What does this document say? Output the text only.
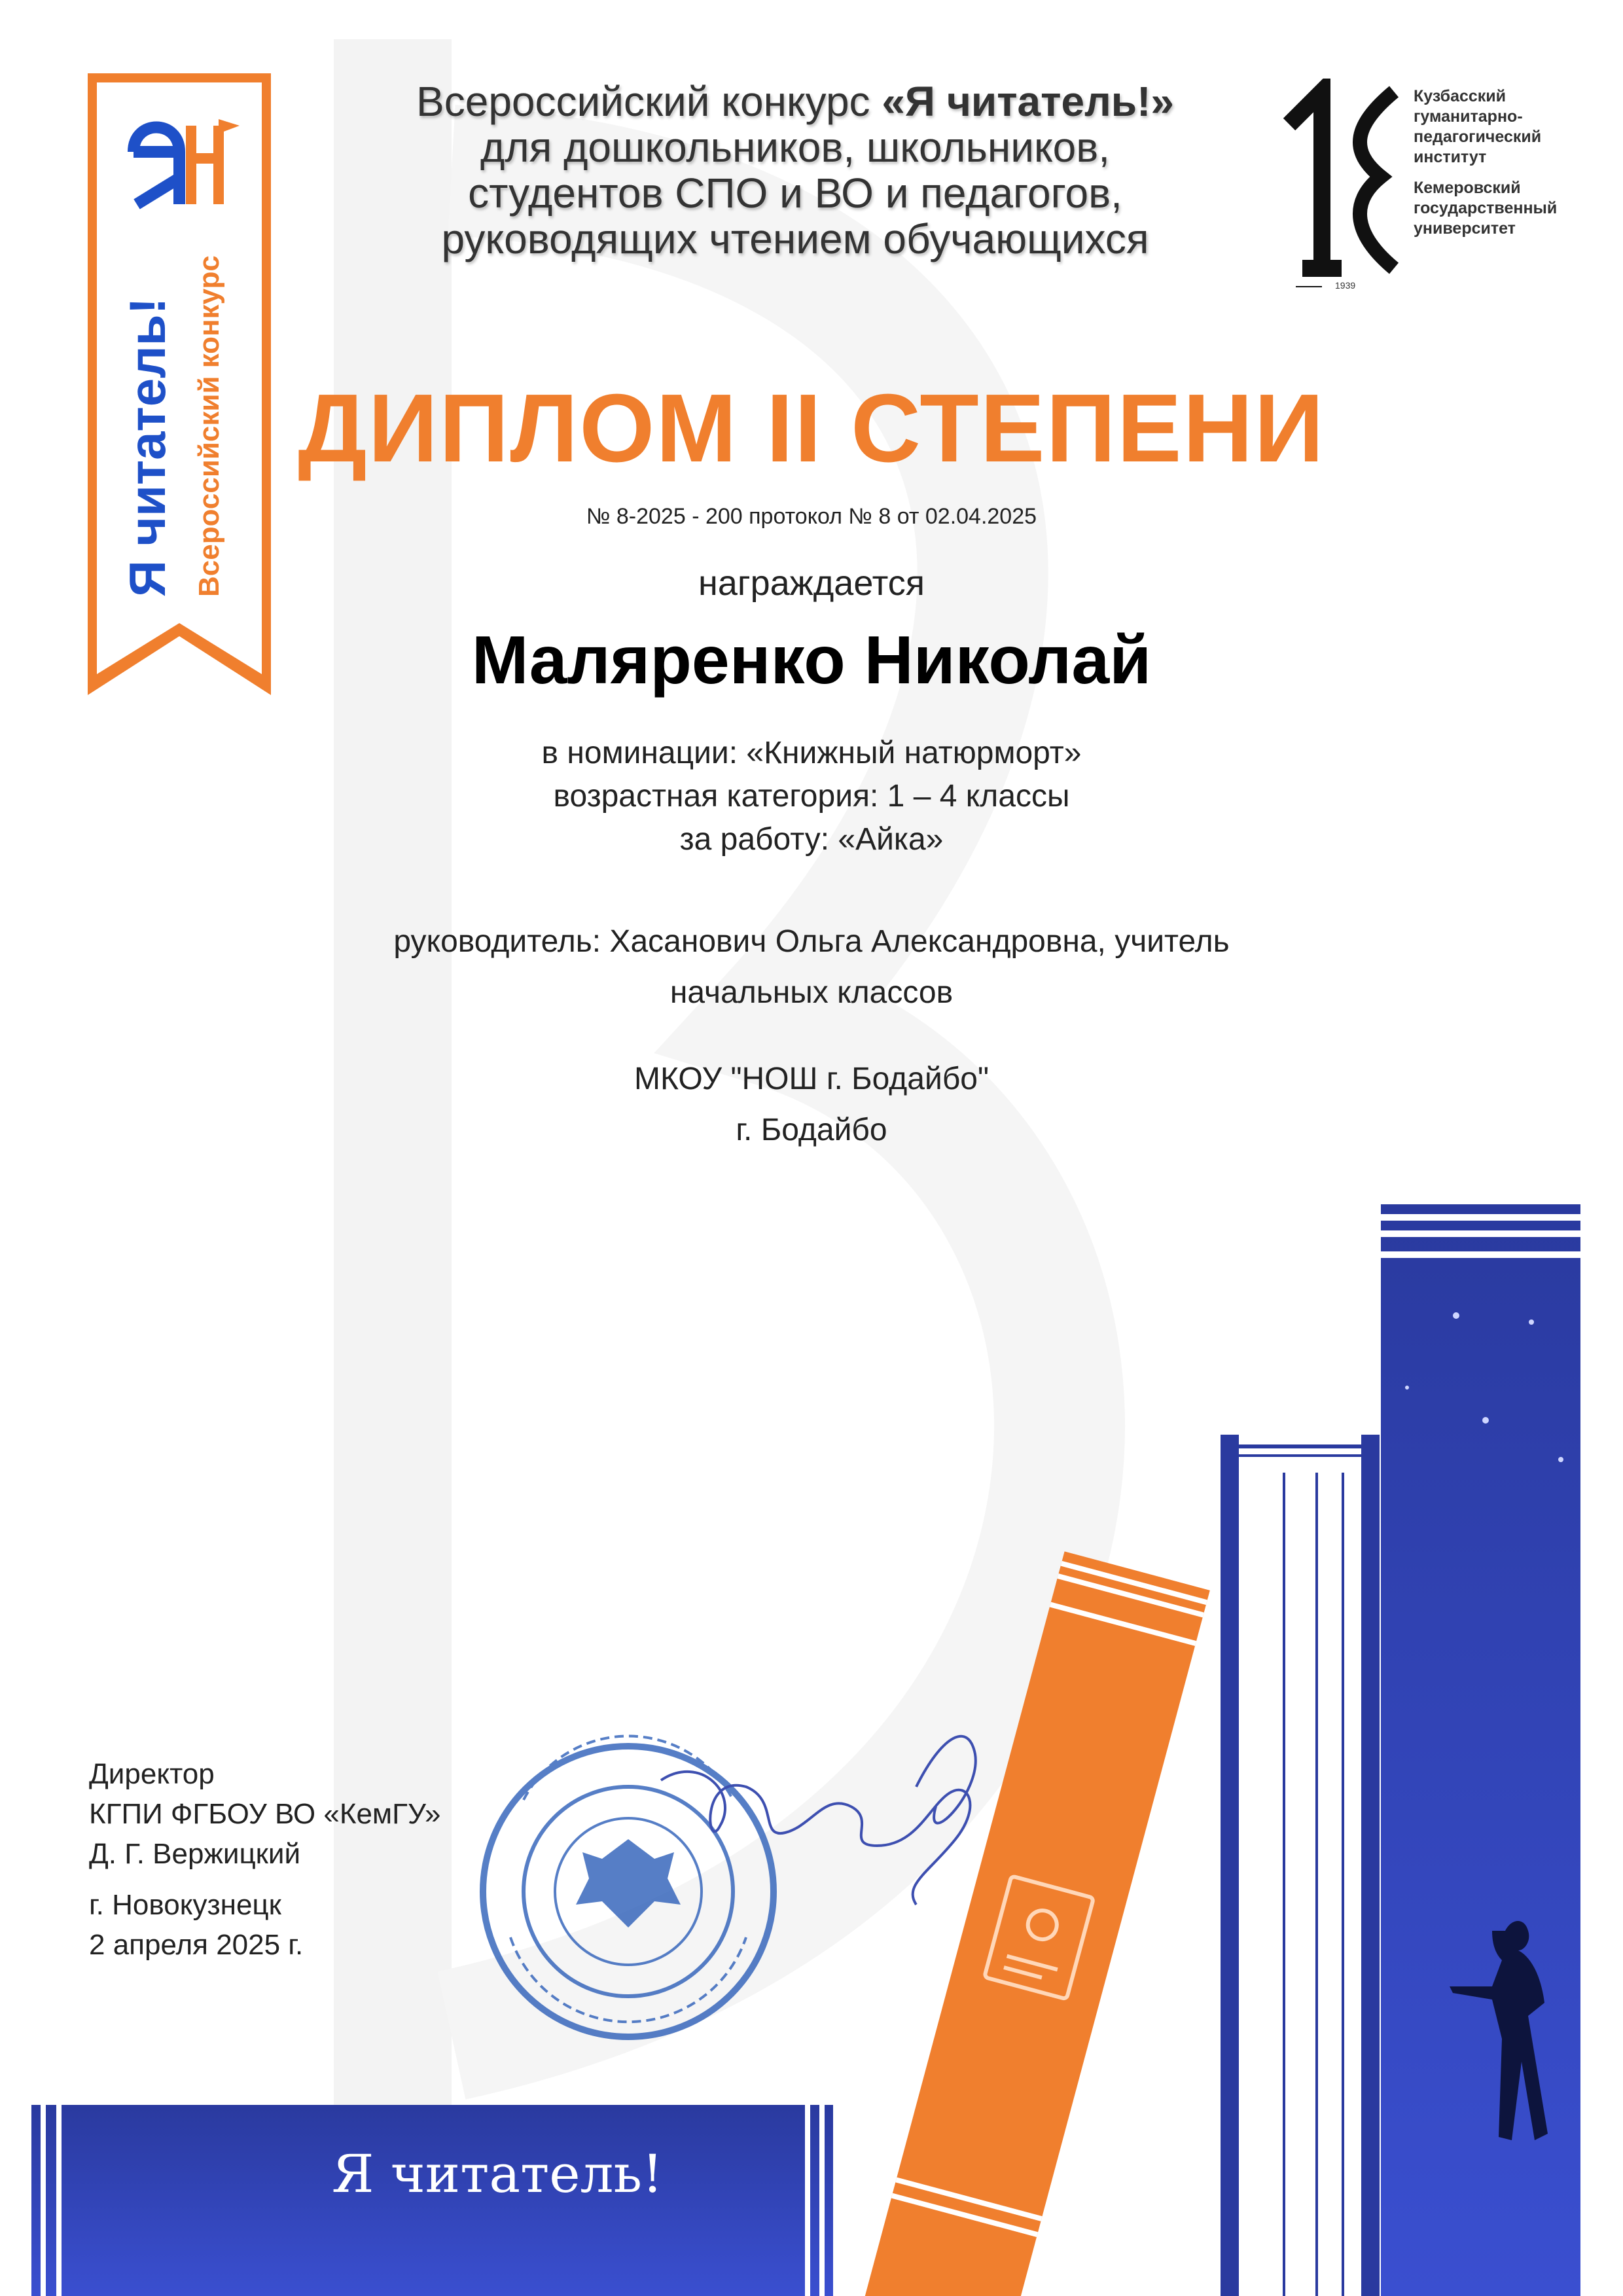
Я читатель! Всероссийский конкурс
Всероссийский конкурс «Я читатель!»
для дошкольников, школьников,
студентов СПО и ВО и педагогов,
руководящих чтением обучающихся
Кузбасский
гуманитарно-
педагогический
институт
Кемеровский
государственный
университет
1939
ДИПЛОМ II СТЕПЕНИ
№ 8-2025 - 200 протокол № 8 от 02.04.2025
награждается
Маляренко Николай
в номинации: «Книжный натюрморт»
возрастная категория: 1 – 4 классы
за работу: «Айка»
руководитель: Хасанович Ольга Александровна, учитель
начальных классов
МКОУ "НОШ г. Бодайбо"
г. Бодайбо
Я читатель!
Директор
КГПИ ФГБОУ ВО «КемГУ»
Д. Г. Вержицкий
г. Новокузнецк
2 апреля 2025 г.
